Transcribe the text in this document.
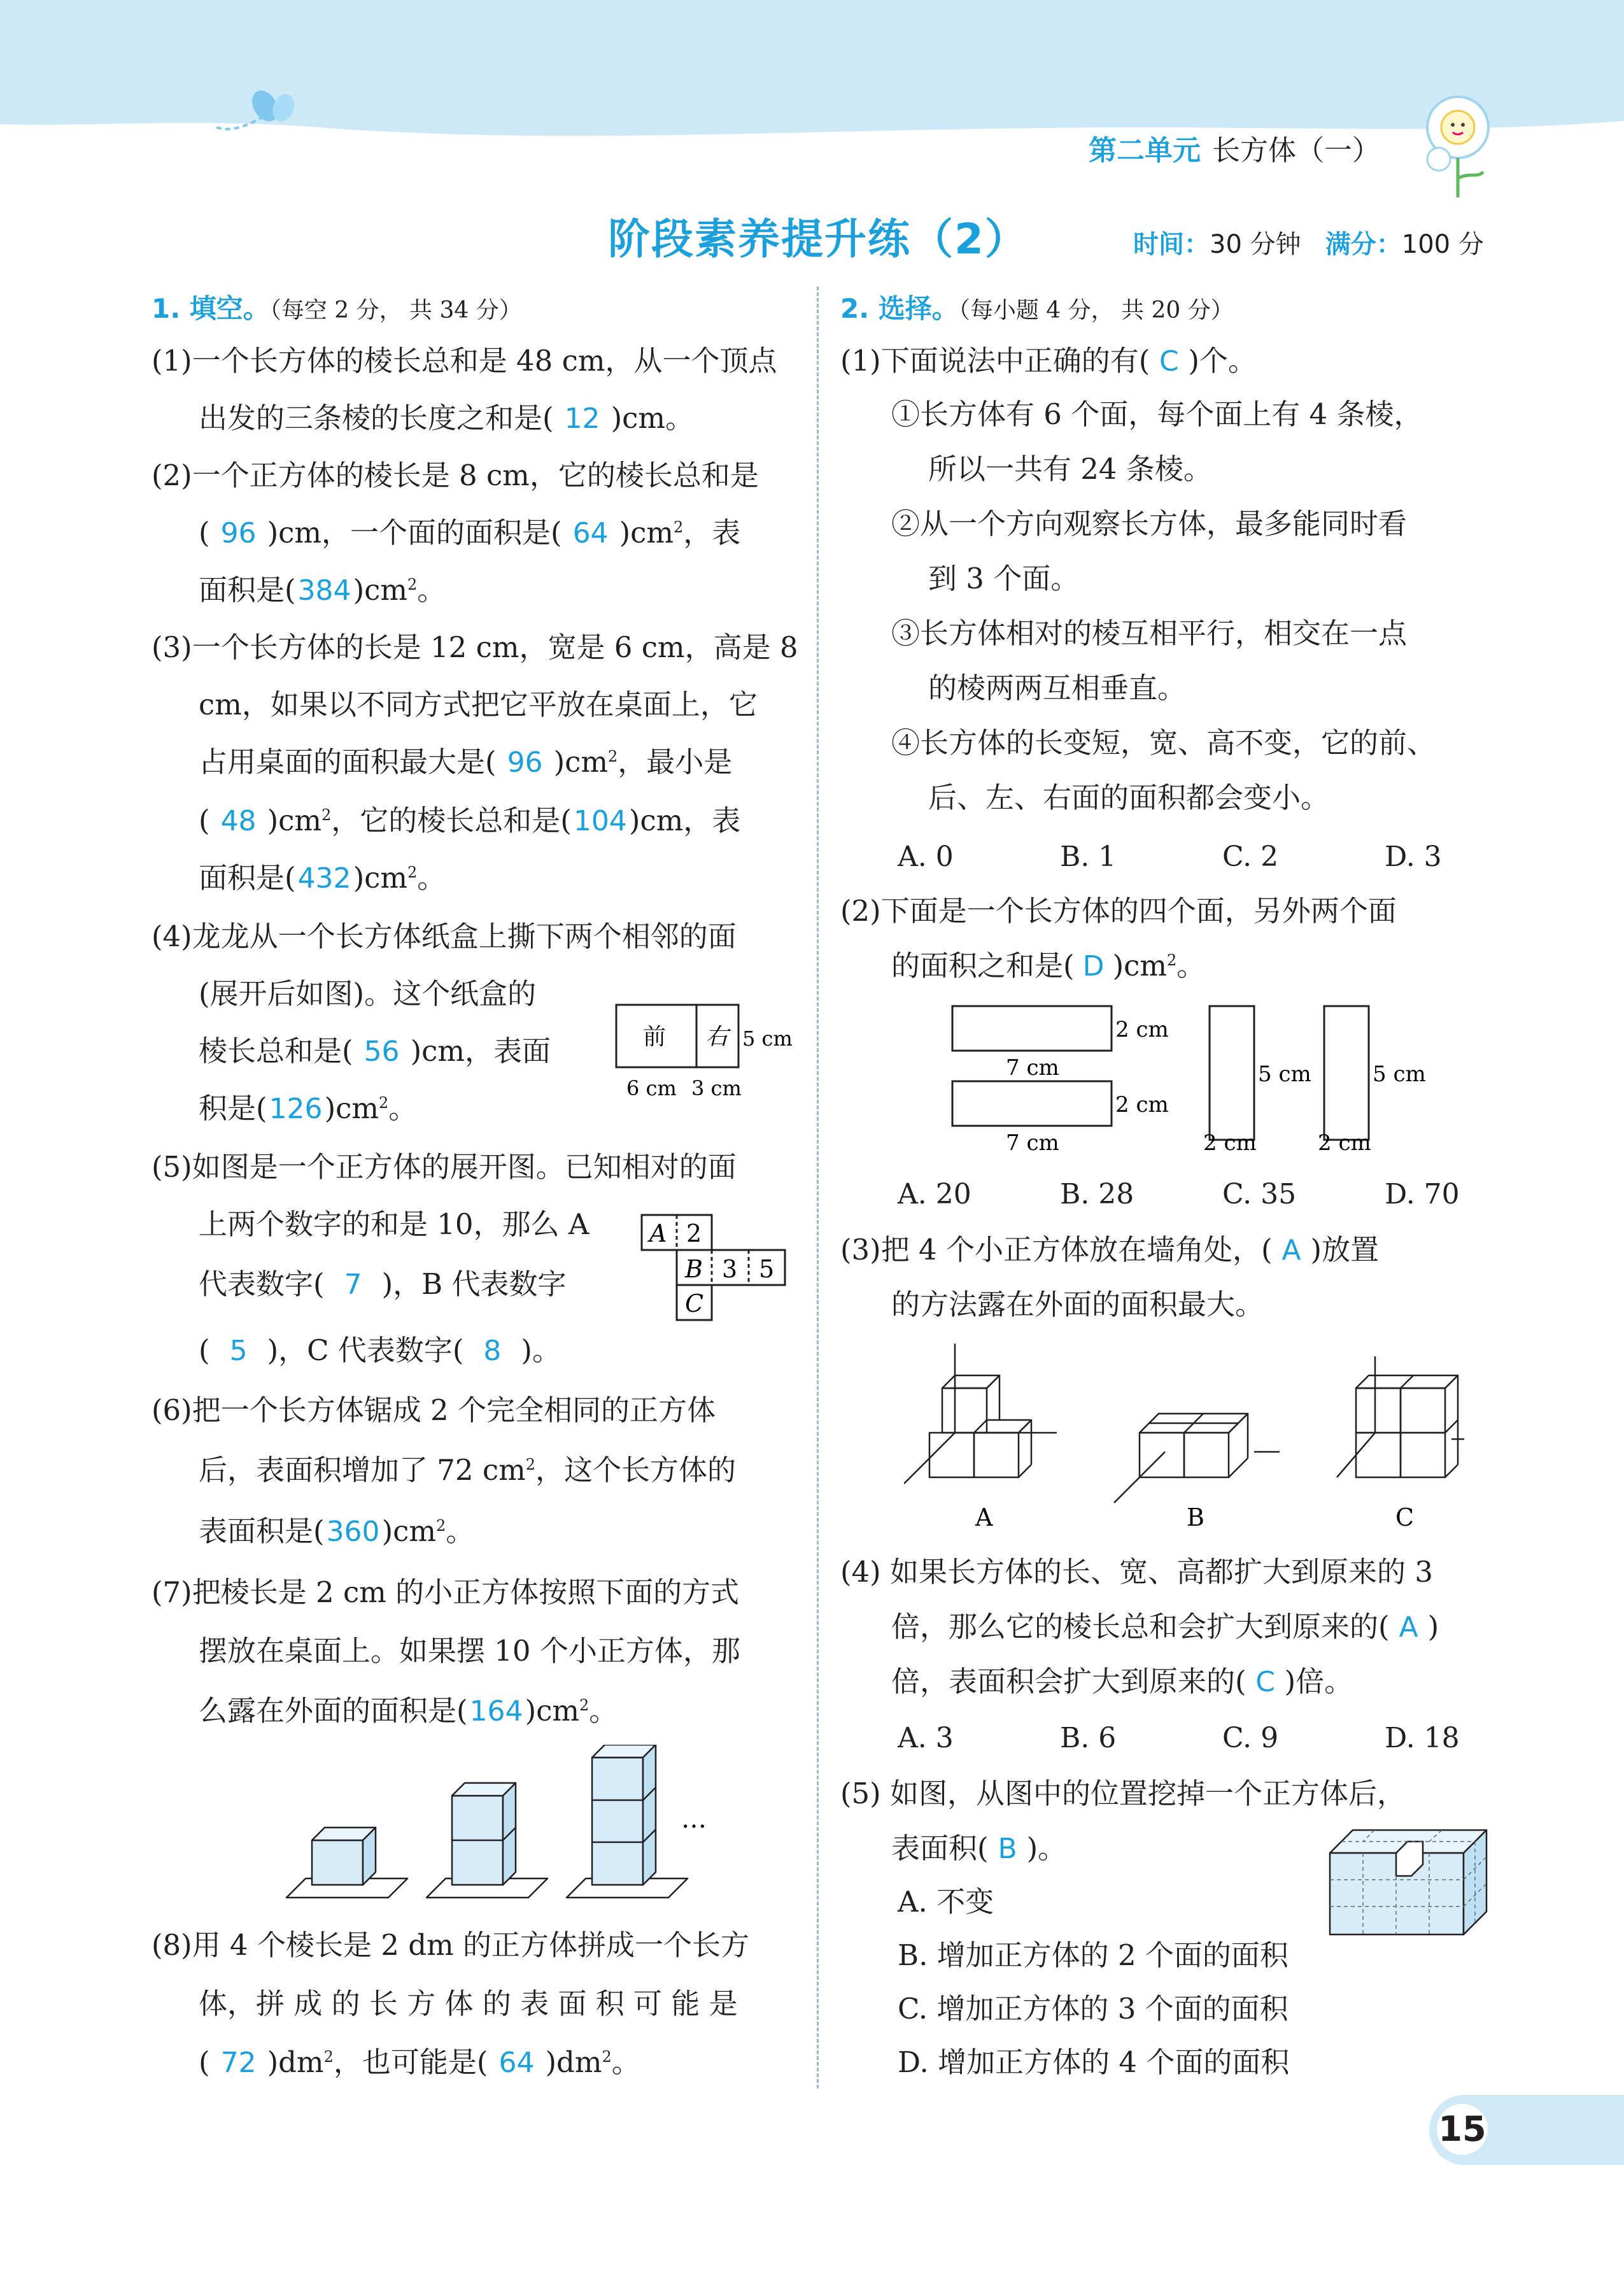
第二单元 长方体（一）
阶段素养提升练（2）	时间：30 分钟 满分：100 分
1. 填空。（每空 2 分， 共 34 分）
(1)一个长方体的棱长总和是 48 cm，从一个顶点
出发的三条棱的长度之和是( 12 )cm。
(2)一个正方体的棱长是 8 cm，它的棱长总和是
( 96 )cm，一个面的面积是( 64 )$cm^2$，表
面积是$(384)cm^2$。
(3)一个长方体的长是 12 cm，宽是 6 cm，高是 8
cm，如果以不同方式把它平放在桌面上，它
占用桌面的面积最大是( 96 )$cm^2$，最小是
( 48 )$cm^2$，它的棱长总和是(104)cm，表
面积是$(432)cm^2$。
(4)龙龙从一个长方体纸盒上撕下两个相邻的面
(展开后如图)。这个纸盒的
棱长总和是( 56 )cm，表面
积是$(126)cm^2$。
前 右 5 cm
6 cm 3 cm
(5)如图是一个正方体的展开图。已知相对的面
上两个数字的和是 10，那么 A
代表数字( 7 )，B 代表数字
( 5 )，C 代表数字( 8 )。
A 2
B 3 5
C
(6)把一个长方体锯成 2 个完全相同的正方体
后，表面积增加了 72 $cm^2$，这个长方体的
表面积是$(360)cm^2$。
(7)把棱长是 2 cm 的小正方体按照下面的方式
摆放在桌面上。如果摆 10 个小正方体，那
么露在外面的面积是$(164)cm^2$。
…
(8)用 4 个棱长是 2 dm 的正方体拼成一个长方
体，拼 成 的 长 方 体 的 表 面 积 可 能 是
( 72 )$dm^2$，也可能是( 64 )$dm^2$。
2. 选择。（每小题 4 分， 共 20 分）
(1)下面说法中正确的有( C )个。
①长方体有 6 个面，每个面上有 4 条棱，
所以一共有 24 条棱。
②从一个方向观察长方体，最多能同时看
到 3 个面。
③长方体相对的棱互相平行，相交在一点
的棱两两互相垂直。
④长方体的长变短，宽、高不变，它的前、
后、左、右面的面积都会变小。
A. 0	B. 1	C. 2	D. 3
(2)下面是一个长方体的四个面，另外两个面
的面积之和是( D )$cm^2$。
2 cm
7 cm
2 cm
7 cm
5 cm	5 cm
2 cm	2 cm
A. 20	B. 28	C. 35	D. 70
(3)把 4 个小正方体放在墙角处，( A )放置
的方法露在外面的面积最大。
A	B	C
(4) 如果长方体的长、宽、高都扩大到原来的 3
倍，那么它的棱长总和会扩大到原来的( A )
倍，表面积会扩大到原来的( C )倍。
A. 3	B. 6	C. 9	D. 18
(5) 如图，从图中的位置挖掉一个正方体后，
表面积( B )。
A. 不变
B. 增加正方体的 2 个面的面积
C. 增加正方体的 3 个面的面积
D. 增加正方体的 4 个面的面积
15
